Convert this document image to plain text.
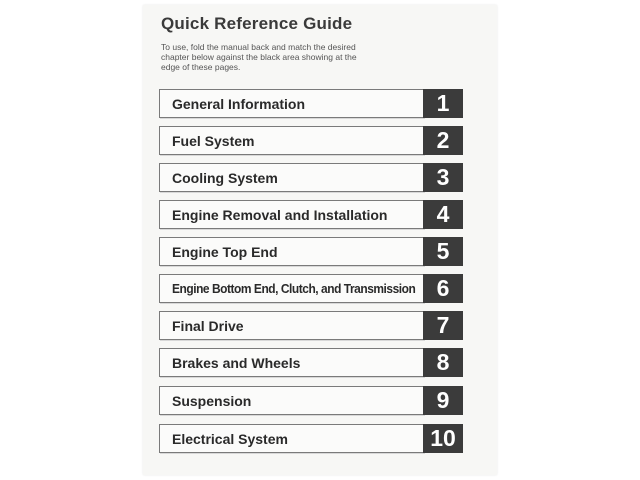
Quick Reference Guide
To use, fold the manual back and match the desired
chapter below against the black area showing at the
edge of these pages.
General Information	1
Fuel System	2
Cooling System	3
Engine Removal and Installation	4
Engine Top End	5
Engine Bottom End, Clutch, and Transmission 6
Final Drive	7
Brakes and Wheels	8
Suspension	9
Electrical System	10
